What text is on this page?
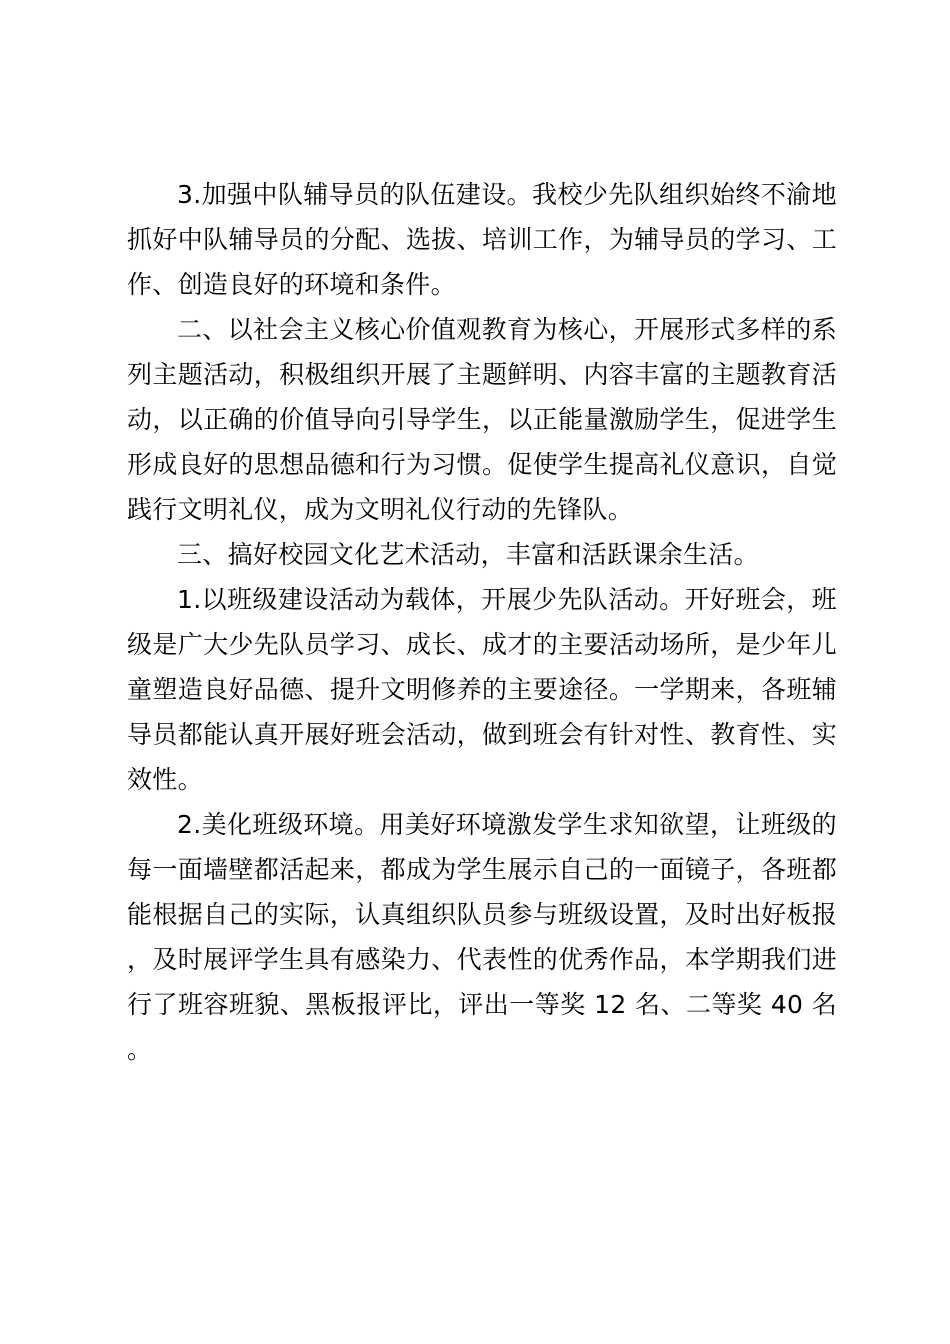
3.加强中队辅导员的队伍建设。我校少先队组织始终不渝地抓好中队辅导员的分配、选拔、培训工作，为辅导员的学习、工作、创造良好的环境和条件。

二、以社会主义核心价值观教育为核心，开展形式多样的系列主题活动，积极组织开展了主题鲜明、内容丰富的主题教育活动，以正确的价值导向引导学生，以正能量激励学生，促进学生形成良好的思想品德和行为习惯。促使学生提高礼仪意识，自觉践行文明礼仪，成为文明礼仪行动的先锋队。

三、搞好校园文化艺术活动，丰富和活跃课余生活。

1.以班级建设活动为载体，开展少先队活动。开好班会，班级是广大少先队员学习、成长、成才的主要活动场所，是少年儿童塑造良好品德、提升文明修养的主要途径。一学期来，各班辅导员都能认真开展好班会活动，做到班会有针对性、教育性、实效性。

2.美化班级环境。用美好环境激发学生求知欲望，让班级的每一面墙壁都活起来，都成为学生展示自己的一面镜子，各班都能根据自己的实际，认真组织队员参与班级设置，及时出好板报，及时展评学生具有感染力、代表性的优秀作品，本学期我们进行了班容班貌、黑板报评比，评出一等奖 12 名、二等奖 40 名。
